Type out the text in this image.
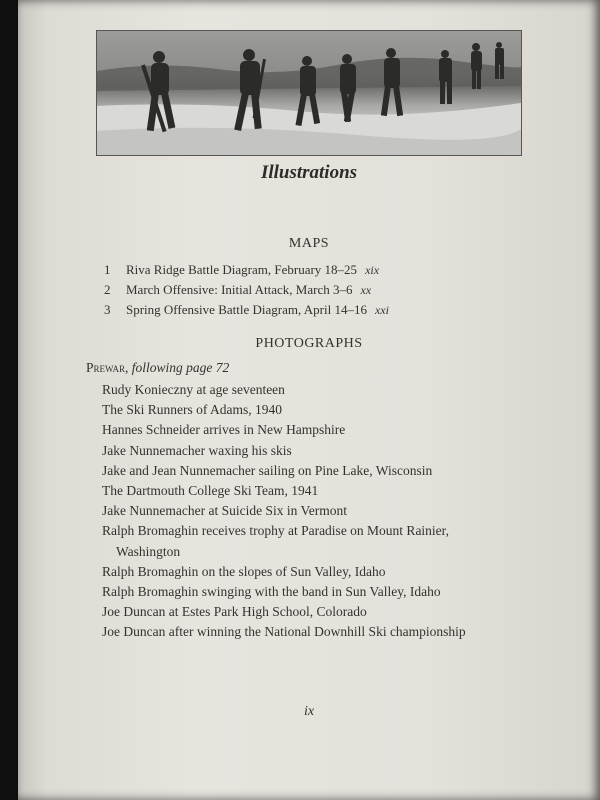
Illustrations
MAPS
1 Riva Ridge Battle Diagram, February 18–25 xix
2 March Offensive: Initial Attack, March 3–6 xx
3 Spring Offensive Battle Diagram, April 14–16 xxi
PHOTOGRAPHS
Prewar, following page 72
Rudy Konieczny at age seventeen
The Ski Runners of Adams, 1940
Hannes Schneider arrives in New Hampshire
Jake Nunnemacher waxing his skis
Jake and Jean Nunnemacher sailing on Pine Lake, Wisconsin
The Dartmouth College Ski Team, 1941
Jake Nunnemacher at Suicide Six in Vermont
Ralph Bromaghin receives trophy at Paradise on Mount Rainier,
Washington
Ralph Bromaghin on the slopes of Sun Valley, Idaho
Ralph Bromaghin swinging with the band in Sun Valley, Idaho
Joe Duncan at Estes Park High School, Colorado
Joe Duncan after winning the National Downhill Ski championship
ix
